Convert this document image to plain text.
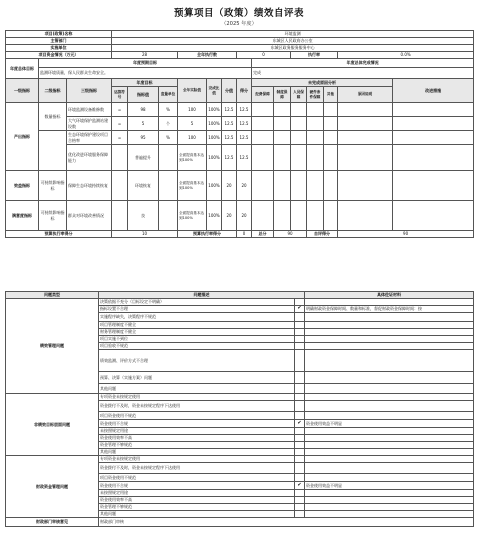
预算项目（政策）绩效自评表
（2025 年度）
项目(政策)名称			环境监测													
主管部门			东城区人民政府办公室													
实施单位			东城区政务服务服务中心													
项目资金情况（万元）			28			全年执行数			0			执行率			0.0%	
年度总体目标	年度预期目标									年度总体完成情况						
	监测环境质量，保人民群众生命安全。									完成						
一级指标	二级指标	三级指标	年度目标			全年实际值	完成比值	分值	得分	未完成原因分析						改进措施
			运算符号	指标值	度量单位					经费保障	制度保障	人员保障	硬件条件保障	其他	原因说明	
产出指标	数量指标	环境监测设备维修数	=	98	%	100	100%	12.5	12.5							
		大气环境保护监测站建设数	=	5	个	5	100%	12.5	12.5							
		生态环境保护建设项目合格率	=	95	%	100	100%	12.5	12.5							
		优化改进环境服务保障能力		普遍提升		全面提高基本达到100%	100%	12.5	12.5							
效益指标	可持续影响指标	保障生态环境持续恢复		环境恢复		全面提高基本达到100%	100%	20	20							
满意度指标	可持续影响指标	群众对环境改善情况		良		全面提高基本达到100%	100%	20	20							
预算执行率得分			10			预算执行率得分			0	总分	90		自评得分		90	
问题类型	问题描述		具体佐证材料
绩效管理问题	决策依据不充分（目标设定不明确）		
	指标设置不合理	✔	明确财政资金保障时间、数量和标准，督促财政资金保障时间：按
	实施程序缺失，决策程序不规范		
	项目管理制度不健全		
	财务管理制度不健全		
	项目实施不到位		
	项目验收不规范		
	绩效监测、评价方式不合理		
	预算、决算（实施方案）问题		
	其他问题		
非绩效目标层面问题	专项资金未按规定使用		
	资金拨付不及时，资金未按规定程序下达使用		
	项目资金使用不规范		
	资金使用不合规	✔	资金使用效益不明显
	未按照规定用途		
	资金使用效率不高		
	资金管理不够规范		
	其他问题		
财政资金管理问题	专项资金未按规定使用		
	资金拨付不及时，资金未按规定程序下达使用		
	项目资金使用不规范		
	资金使用不合规	✔	资金使用效益不明显
	未按照规定用途		
	资金使用效率不高		
	资金管理不够规范		
	其他问题		
财政部门审核意见	财政部门审核		
